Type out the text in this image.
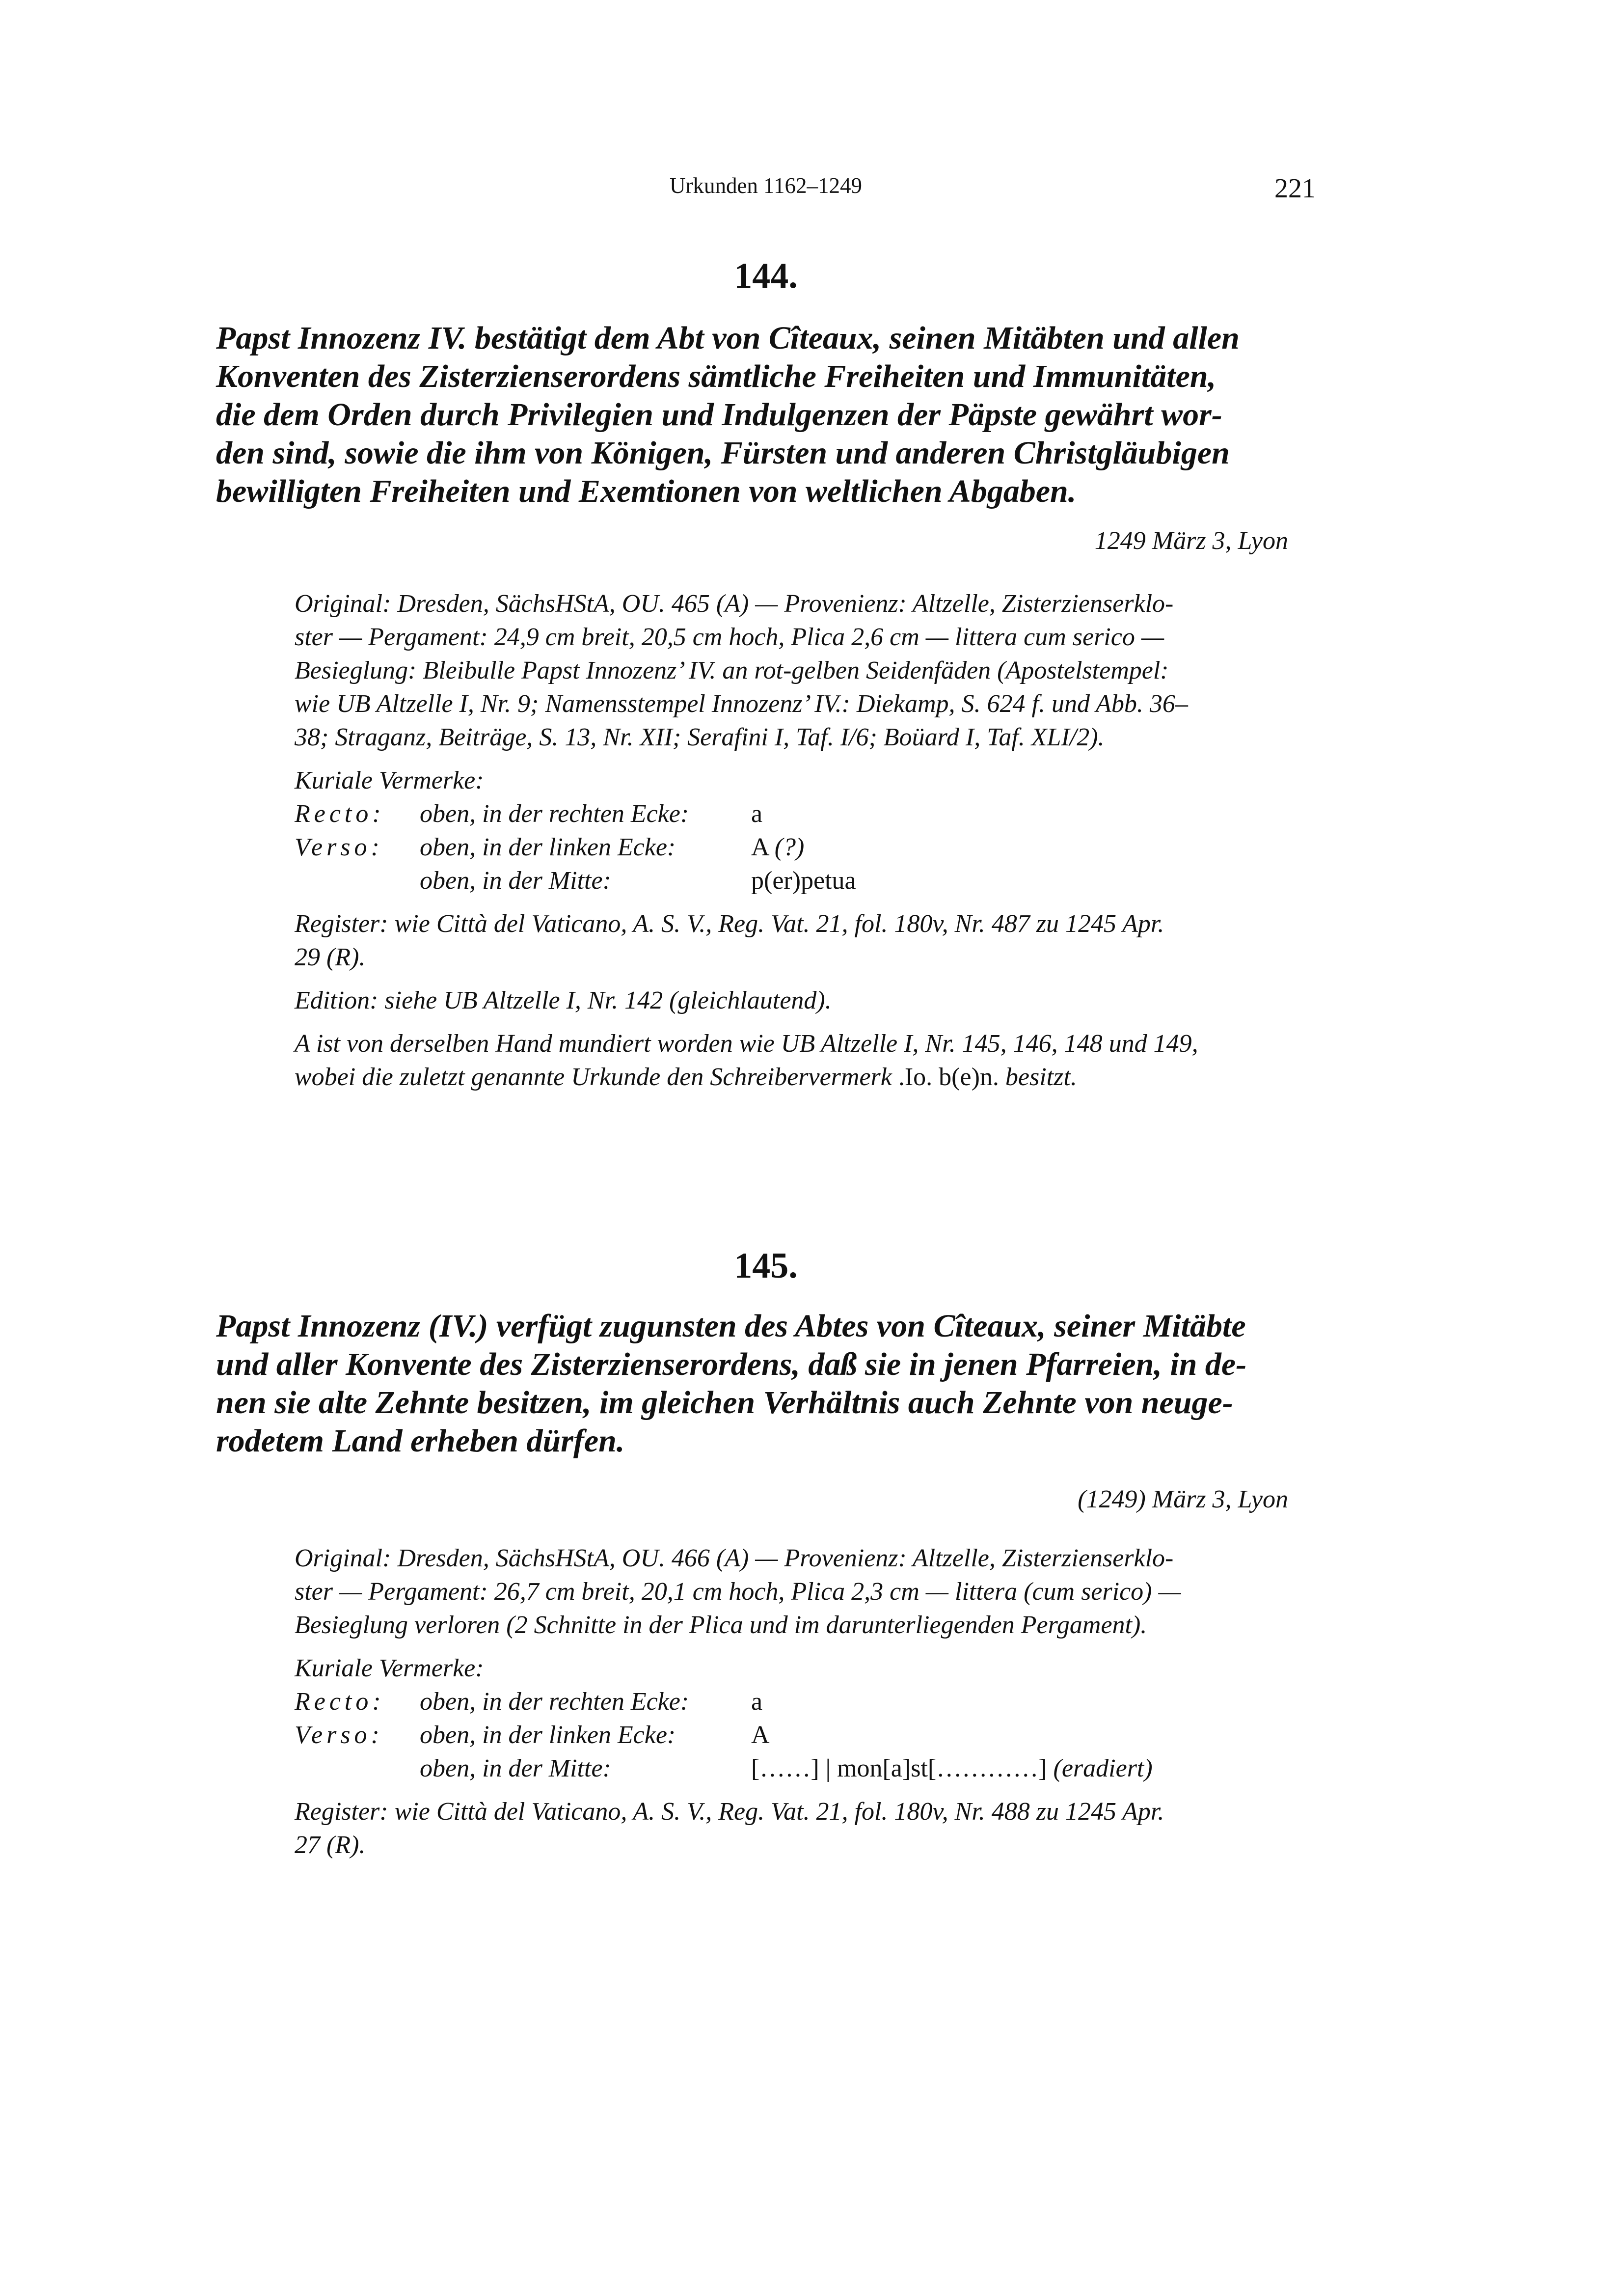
Urkunden 1162–1249	221
144.
Papst Innozenz IV. bestätigt dem Abt von Cîteaux, seinen Mitäbten und allen
Konventen des Zisterzienserordens sämtliche Freiheiten und Immunitäten,
die dem Orden durch Privilegien und Indulgenzen der Päpste gewährt wor-
den sind, sowie die ihm von Königen, Fürsten und anderen Christgläubigen
bewilligten Freiheiten und Exemtionen von weltlichen Abgaben.
1249 März 3, Lyon

Original: Dresden, SächsHStA, OU. 465 (A) — Provenienz: Altzelle, Zisterzienserklo-
ster — Pergament: 24,9 cm breit, 20,5 cm hoch, Plica 2,6 cm — littera cum serico —
Besieglung: Bleibulle Papst Innozenz’ IV. an rot-gelben Seidenfäden (Apostelstempel:
wie UB Altzelle I, Nr. 9; Namensstempel Innozenz’ IV.: Diekamp, S. 624 f. und Abb. 36–
38; Straganz, Beiträge, S. 13, Nr. XII; Serafini I, Taf. I/6; Boüard I, Taf. XLI/2).

Kuriale Vermerke:
Recto: oben, in der rechten Ecke: a
Verso: oben, in der linken Ecke:	A (?)
oben, in der Mitte:	p(er)petua

Register: wie Città del Vaticano, A. S. V., Reg. Vat. 21, fol. 180v, Nr. 487 zu 1245 Apr.
29 (R).

Edition: siehe UB Altzelle I, Nr. 142 (gleichlautend).

A ist von derselben Hand mundiert worden wie UB Altzelle I, Nr. 145, 146, 148 und 149,
wobei die zuletzt genannte Urkunde den Schreibervermerk .Io. b(e)n. besitzt.

145.
Papst Innozenz (IV.) verfügt zugunsten des Abtes von Cîteaux, seiner Mitäbte
und aller Konvente des Zisterzienserordens, daß sie in jenen Pfarreien, in de-
nen sie alte Zehnte besitzen, im gleichen Verhältnis auch Zehnte von neuge-
rodetem Land erheben dürfen.
(1249) März 3, Lyon

Original: Dresden, SächsHStA, OU. 466 (A) — Provenienz: Altzelle, Zisterzienserklo-
ster — Pergament: 26,7 cm breit, 20,1 cm hoch, Plica 2,3 cm — littera (cum serico) —
Besieglung verloren (2 Schnitte in der Plica und im darunterliegenden Pergament).

Kuriale Vermerke:
Recto: oben, in der rechten Ecke: a
Verso: oben, in der linken Ecke:	A
oben, in der Mitte:	[……] | mon[a]st[…………] (eradiert)

Register: wie Città del Vaticano, A. S. V., Reg. Vat. 21, fol. 180v, Nr. 488 zu 1245 Apr.
27 (R).
